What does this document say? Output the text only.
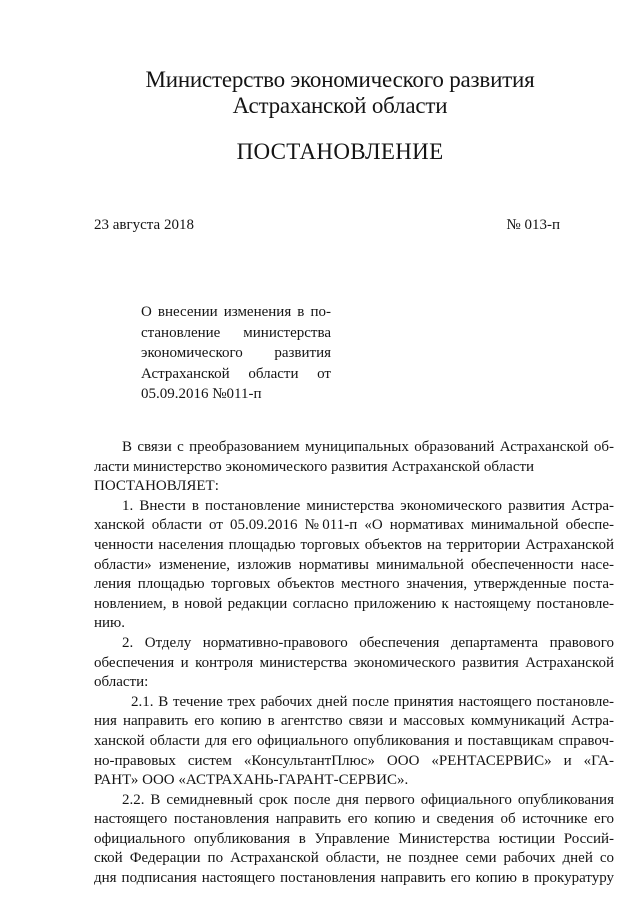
Министерство экономического развития
Астраханской области
ПОСТАНОВЛЕНИЕ
23 августа 2018	№ 013-п
О внесении изменения в по-
становление министерства
экономического развития
Астраханской области от
05.09.2016 №011-п
В связи с преобразованием муниципальных образований Астраханской об-
ласти министерство экономического развития Астраханской области
ПОСТАНОВЛЯЕТ:
1. Внести в постановление министерства экономического развития Астра-
ханской области от 05.09.2016 №011-п «О нормативах минимальной обеспе-
ченности населения площадью торговых объектов на территории Астраханской
области» изменение, изложив нормативы минимальной обеспеченности насе-
ления площадью торговых объектов местного значения, утвержденные поста-
новлением, в новой редакции согласно приложению к настоящему постановле-
нию.
2. Отделу нормативно-правового обеспечения департамента правового
обеспечения и контроля министерства экономического развития Астраханской
области:
2.1. В течение трех рабочих дней после принятия настоящего постановле-
ния направить его копию в агентство связи и массовых коммуникаций Астра-
ханской области для его официального опубликования и поставщикам справоч-
но-правовых систем «КонсультантПлюс» ООО «РЕНТАСЕРВИС» и «ГА-
РАНТ» ООО «АСТРАХАНЬ-ГАРАНТ-СЕРВИС».
2.2. В семидневный срок после дня первого официального опубликования
настоящего постановления направить его копию и сведения об источнике его
официального опубликования в Управление Министерства юстиции Россий-
ской Федерации по Астраханской области, не позднее семи рабочих дней со
дня подписания настоящего постановления направить его копию в прокуратуру
